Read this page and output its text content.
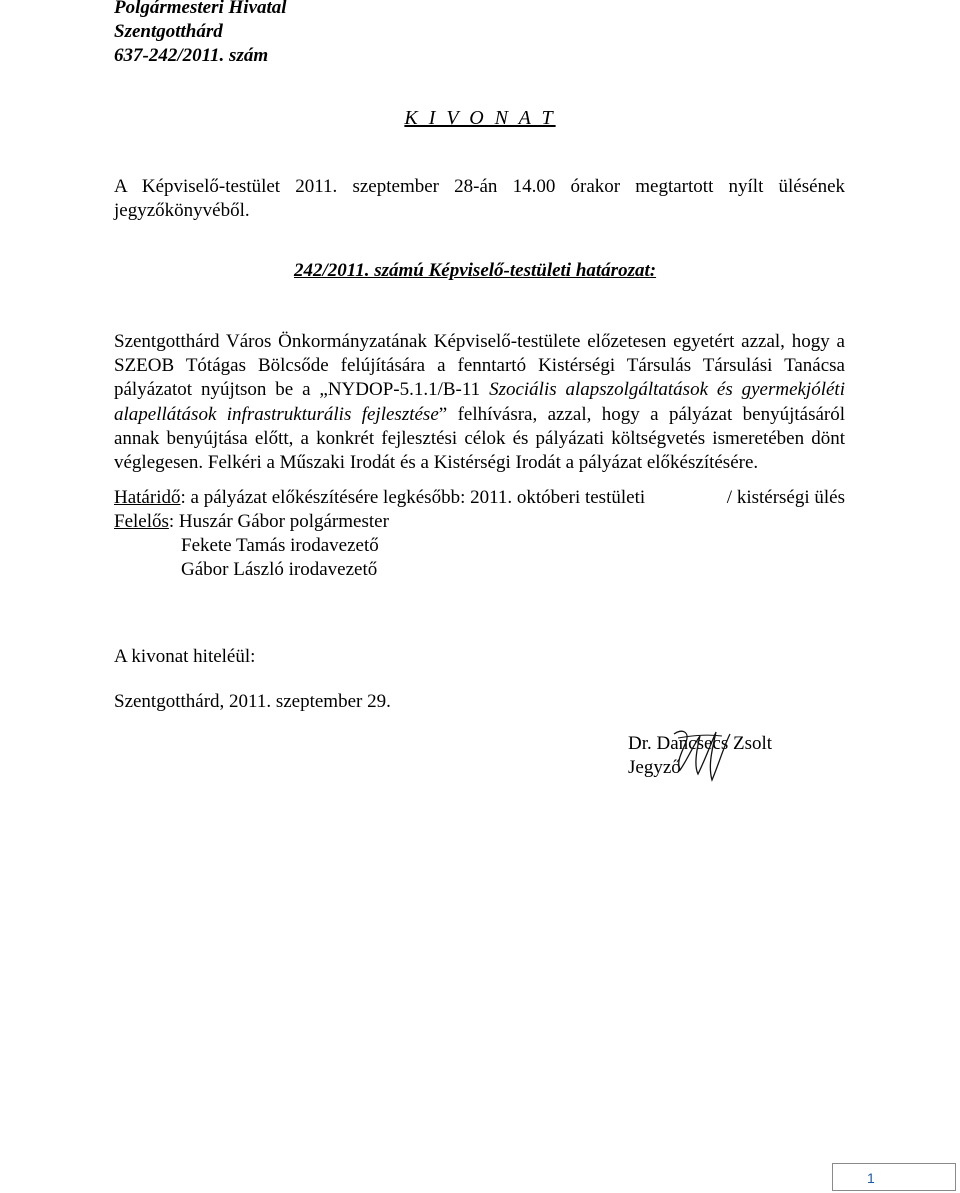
Polgármesteri Hivatal
Szentgotthárd
637-242/2011. szám
K I V O N A T
A Képviselő-testület 2011. szeptember 28-án 14.00 órakor megtartott nyílt ülésének
jegyzőkönyvéből.
242/2011. számú Képviselő-testületi határozat:
Szentgotthárd Város Önkormányzatának Képviselő-testülete előzetesen egyetért azzal, hogy a
SZEOB Tótágas Bölcsőde felújítására a fenntartó Kistérségi Társulás Társulási Tanácsa
pályázatot nyújtson be a „NYDOP-5.1.1/B-11 Szociális alapszolgáltatások és gyermekjóléti
alapellátások infrastrukturális fejlesztése” felhívásra, azzal, hogy a pályázat benyújtásáról
annak benyújtása előtt, a konkrét fejlesztési célok és pályázati költségvetés ismeretében dönt
véglegesen. Felkéri a Műszaki Irodát és a Kistérségi Irodát a pályázat előkészítésére.
Határidő: a pályázat előkészítésére legkésőbb: 2011. októberi testületi	/ kistérségi ülés
Felelős: Huszár Gábor polgármester
Fekete Tamás irodavezető
Gábor László irodavezető
A kivonat hiteléül:
Szentgotthárd, 2011. szeptember 29.
Dr. Dancsecs Zsolt
Jegyző
1
